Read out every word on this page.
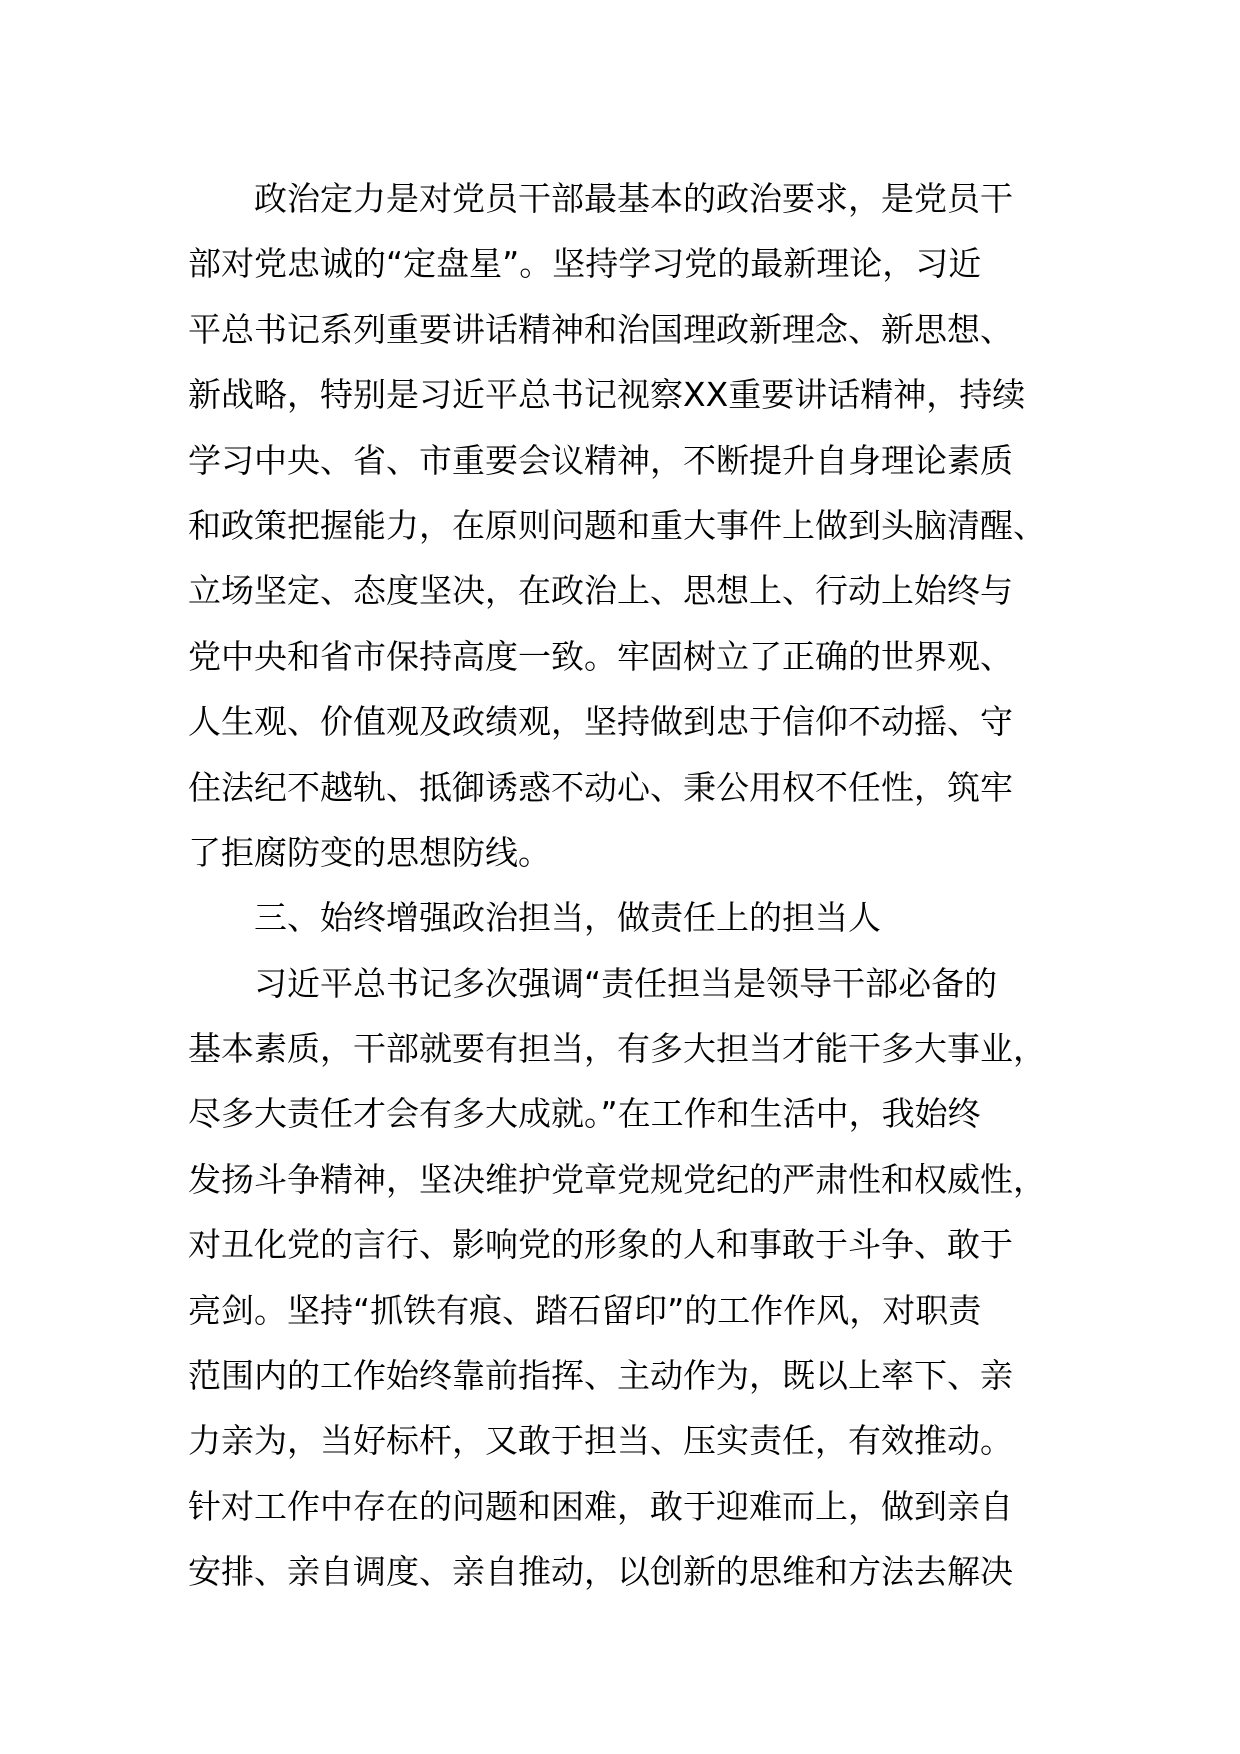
政治定力是对党员干部最基本的政治要求，是党员干
部对党忠诚的“定盘星”。坚持学习党的最新理论，习近
平总书记系列重要讲话精神和治国理政新理念、新思想、
新战略，特别是习近平总书记视察XX重要讲话精神，持续
学习中央、省、市重要会议精神，不断提升自身理论素质
和政策把握能力，在原则问题和重大事件上做到头脑清醒、
立场坚定、态度坚决，在政治上、思想上、行动上始终与
党中央和省市保持高度一致。牢固树立了正确的世界观、
人生观、价值观及政绩观，坚持做到忠于信仰不动摇、守
住法纪不越轨、抵御诱惑不动心、秉公用权不任性，筑牢
了拒腐防变的思想防线。
三、始终增强政治担当，做责任上的担当人
习近平总书记多次强调“责任担当是领导干部必备的
基本素质，干部就要有担当，有多大担当才能干多大事业，
尽多大责任才会有多大成就。”在工作和生活中，我始终
发扬斗争精神，坚决维护党章党规党纪的严肃性和权威性，
对丑化党的言行、影响党的形象的人和事敢于斗争、敢于
亮剑。坚持“抓铁有痕、踏石留印”的工作作风，对职责
范围内的工作始终靠前指挥、主动作为，既以上率下、亲
力亲为，当好标杆，又敢于担当、压实责任，有效推动。
针对工作中存在的问题和困难，敢于迎难而上，做到亲自
安排、亲自调度、亲自推动，以创新的思维和方法去解决
